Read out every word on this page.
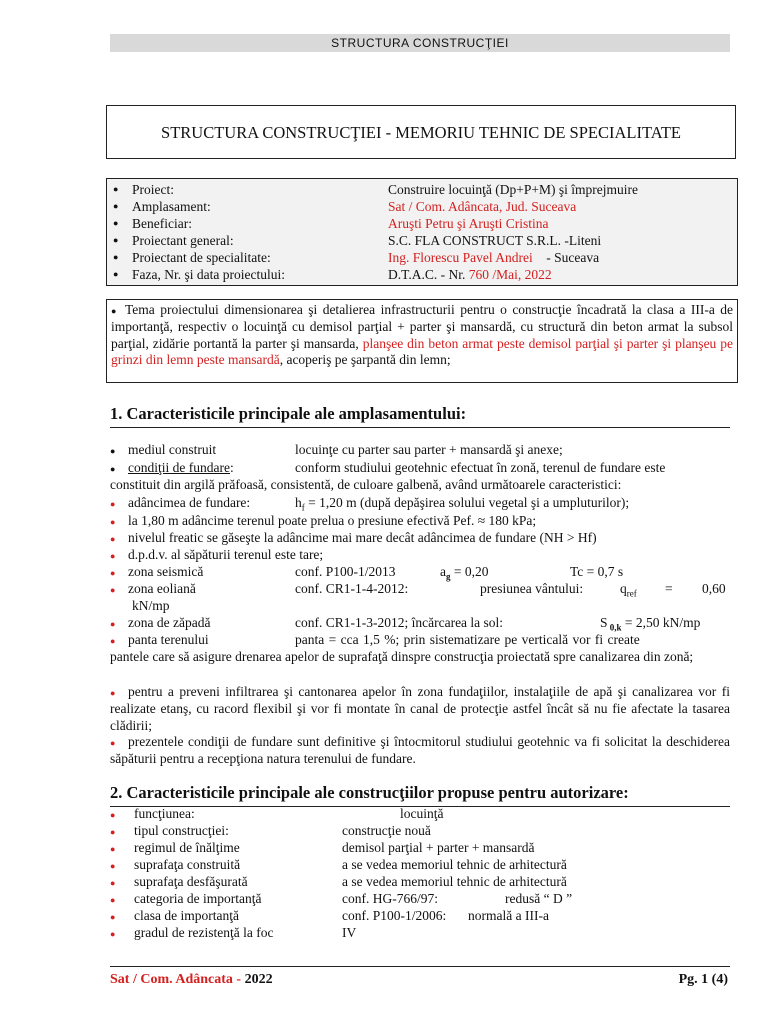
STRUCTURA CONSTRUCŢIEI
STRUCTURA CONSTRUCŢIEI - MEMORIU TEHNIC DE SPECIALITATE
● Proiect:	Construire locuinţă (Dp+P+M) şi împrejmuire
● Amplasament:	Sat / Com. Adâncata, Jud. Suceava
● Beneficiar:	Aruşti Petru şi Aruşti Cristina
● Proiectant general:	S.C. FLA CONSTRUCT S.R.L. -Liteni
● Proiectant de specialitate:	Ing. Florescu Pavel Andrei    - Suceava
● Faza, Nr. şi data proiectului:	D.T.A.C. - Nr. 760 /Mai, 2022
● Tema proiectului dimensionarea şi detalierea infrastructurii pentru o construcţie încadrată la clasa a III-a de importanţă, respectiv o locuinţă cu demisol parţial + parter şi mansardă, cu structură din beton armat la subsol parţial, zidărie portantă la parter şi mansarda, planşee din beton armat peste demisol parţial şi parter şi planşeu pe grinzi din lemn peste mansardă, acoperiş pe şarpantă din lemn;
1. Caracteristicile principale ale amplasamentului:
● mediul construit	locuinţe cu parter sau parter + mansardă şi anexe;
● condiţii de fundare:	conform studiului geotehnic efectuat în zonă, terenul de fundare este
constituit din argilă prăfoasă, consistentă, de culoare galbenă, având următoarele caracteristici:
● adâncimea de fundare:	$h_f = 1,20$ m (după depăşirea solului vegetal şi a umpluturilor);
● la 1,80 m adâncime terenul poate prelua o presiune efectivă Pef. ≈ 180 kPa;
● nivelul freatic se găseşte la adâncime mai mare decât adâncimea de fundare (NH > Hf)
● d.p.d.v. al săpăturii terenul este tare;
● zona seismică	conf. P100-1/2013	$a_g = 0,20$	Tc = 0,7 s
● zona eoliană	conf. CR1-1-4-2012:	presiunea vântului:	$q_{ref} = 0,60$
kN/mp
● zona de zăpadă	conf. CR1-1-3-2012; încărcarea la sol:	S $_{0,k}$ = 2,50 kN/mp
● panta terenului	panta = cca 1,5 %; prin sistematizare pe verticală vor fi create
pantele care să asigure drenarea apelor de suprafaţă dinspre construcţia proiectată spre canalizarea din zonă;
● pentru a preveni infiltrarea şi cantonarea apelor în zona fundaţiilor, instalaţiile de apă şi canalizarea vor fi realizate etanş, cu racord flexibil şi vor fi montate în canal de protecţie astfel încât să nu fie afectate la tasarea clădirii;
● prezentele condiţii de fundare sunt definitive şi întocmitorul studiului geotehnic va fi solicitat la deschiderea săpăturii pentru a recepţiona natura terenului de fundare.
2. Caracteristicile principale ale construcţiilor propuse pentru autorizare:
● funcţiunea:	locuinţă
● tipul construcţiei:	construcţie nouă
● regimul de înălţime	demisol parţial + parter + mansardă
● suprafaţa construită	a se vedea memoriul tehnic de arhitectură
● suprafaţa desfăşurată	a se vedea memoriul tehnic de arhitectură
● categoria de importanţă	conf. HG-766/97:	redusă “ D ”
● clasa de importanţă	conf. P100-1/2006: normală a III-a
● gradul de rezistenţă la foc	IV
Sat / Com. Adâncata - 2022	Pg. 1 (4)
